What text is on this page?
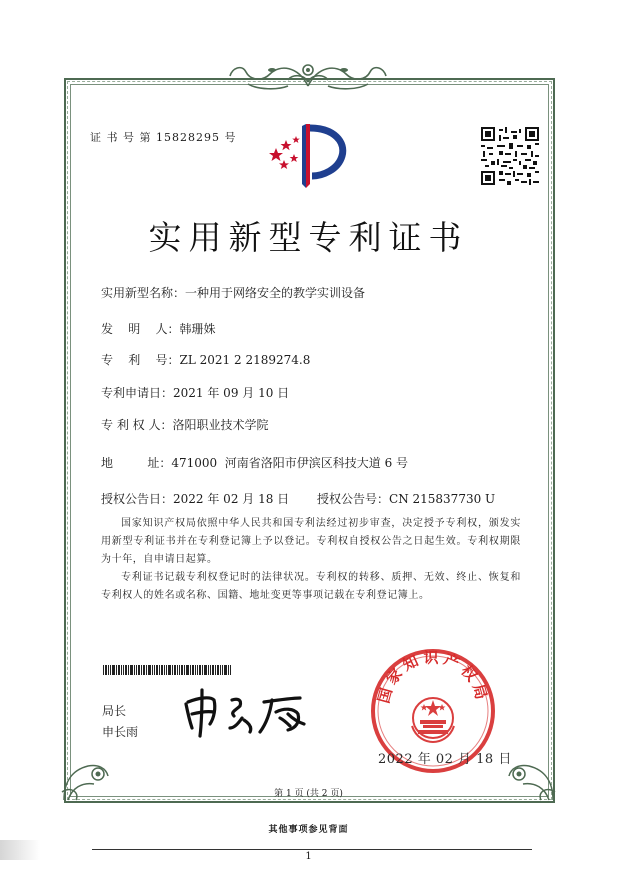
证 书 号 第 15828295 号
实用新型专利证书
实用新型名称：一种用于网络安全的教学实训设备
发    明    人：韩珊姝
专    利    号：ZL 2021 2 2189274.8
专利申请日：2021 年 09 月 10 日
专 利 权 人：洛阳职业技术学院
地         址：471000  河南省洛阳市伊滨区科技大道 6 号
授权公告日：2022 年 02 月 18 日 授权公告号：CN 215837730 U

国家知识产权局依照中华人民共和国专利法经过初步审查，决定授予专利权，颁发实用新型专利证书并在专利登记簿上予以登记。专利权自授权公告之日起生效。专利权期限为十年，自申请日起算。

专利证书记载专利权登记时的法律状况。专利权的转移、质押、无效、终止、恢复和专利权人的姓名或名称、国籍、地址变更等事项记载在专利登记簿上。

局长
申长雨
国家知识产权局
2022 年 02 月 18 日
第 1 页 (共 2 页)
其他事项参见背面
1
